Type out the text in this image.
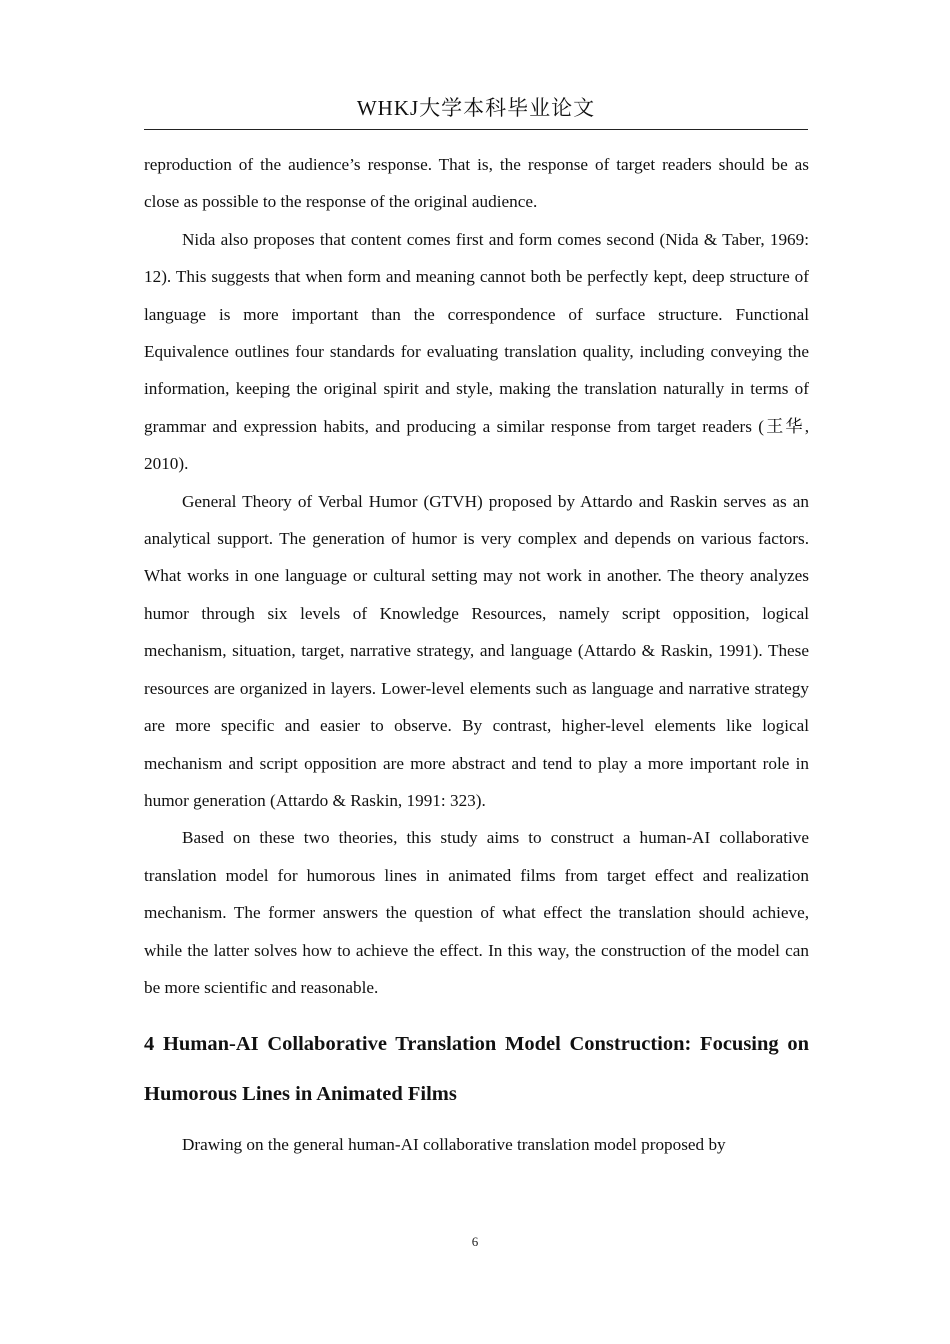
WHKJ大学本科毕业论文

reproduction of the audience’s response. That is, the response of target readers should be as close as possible to the response of the original audience.

Nida also proposes that content comes first and form comes second (Nida & Taber, 1969: 12). This suggests that when form and meaning cannot both be perfectly kept, deep structure of language is more important than the correspondence of surface structure. Functional Equivalence outlines four standards for evaluating translation quality, including conveying the information, keeping the original spirit and style, making the translation naturally in terms of grammar and expression habits, and producing a similar response from target readers (王华, 2010).

General Theory of Verbal Humor (GTVH) proposed by Attardo and Raskin serves as an analytical support. The generation of humor is very complex and depends on various factors. What works in one language or cultural setting may not work in another. The theory analyzes humor through six levels of Knowledge Resources, namely script opposition, logical mechanism, situation, target, narrative strategy, and language (Attardo & Raskin, 1991). These resources are organized in layers. Lower-level elements such as language and narrative strategy are more specific and easier to observe. By contrast, higher-level elements like logical mechanism and script opposition are more abstract and tend to play a more important role in humor generation (Attardo & Raskin, 1991: 323).

Based on these two theories, this study aims to construct a human-AI collaborative translation model for humorous lines in animated films from target effect and realization mechanism. The former answers the question of what effect the translation should achieve, while the latter solves how to achieve the effect. In this way, the construction of the model can be more scientific and reasonable.

4 Human-AI Collaborative Translation Model Construction: Focusing on Humorous Lines in Animated Films

Drawing on the general human-AI collaborative translation model proposed by

6
